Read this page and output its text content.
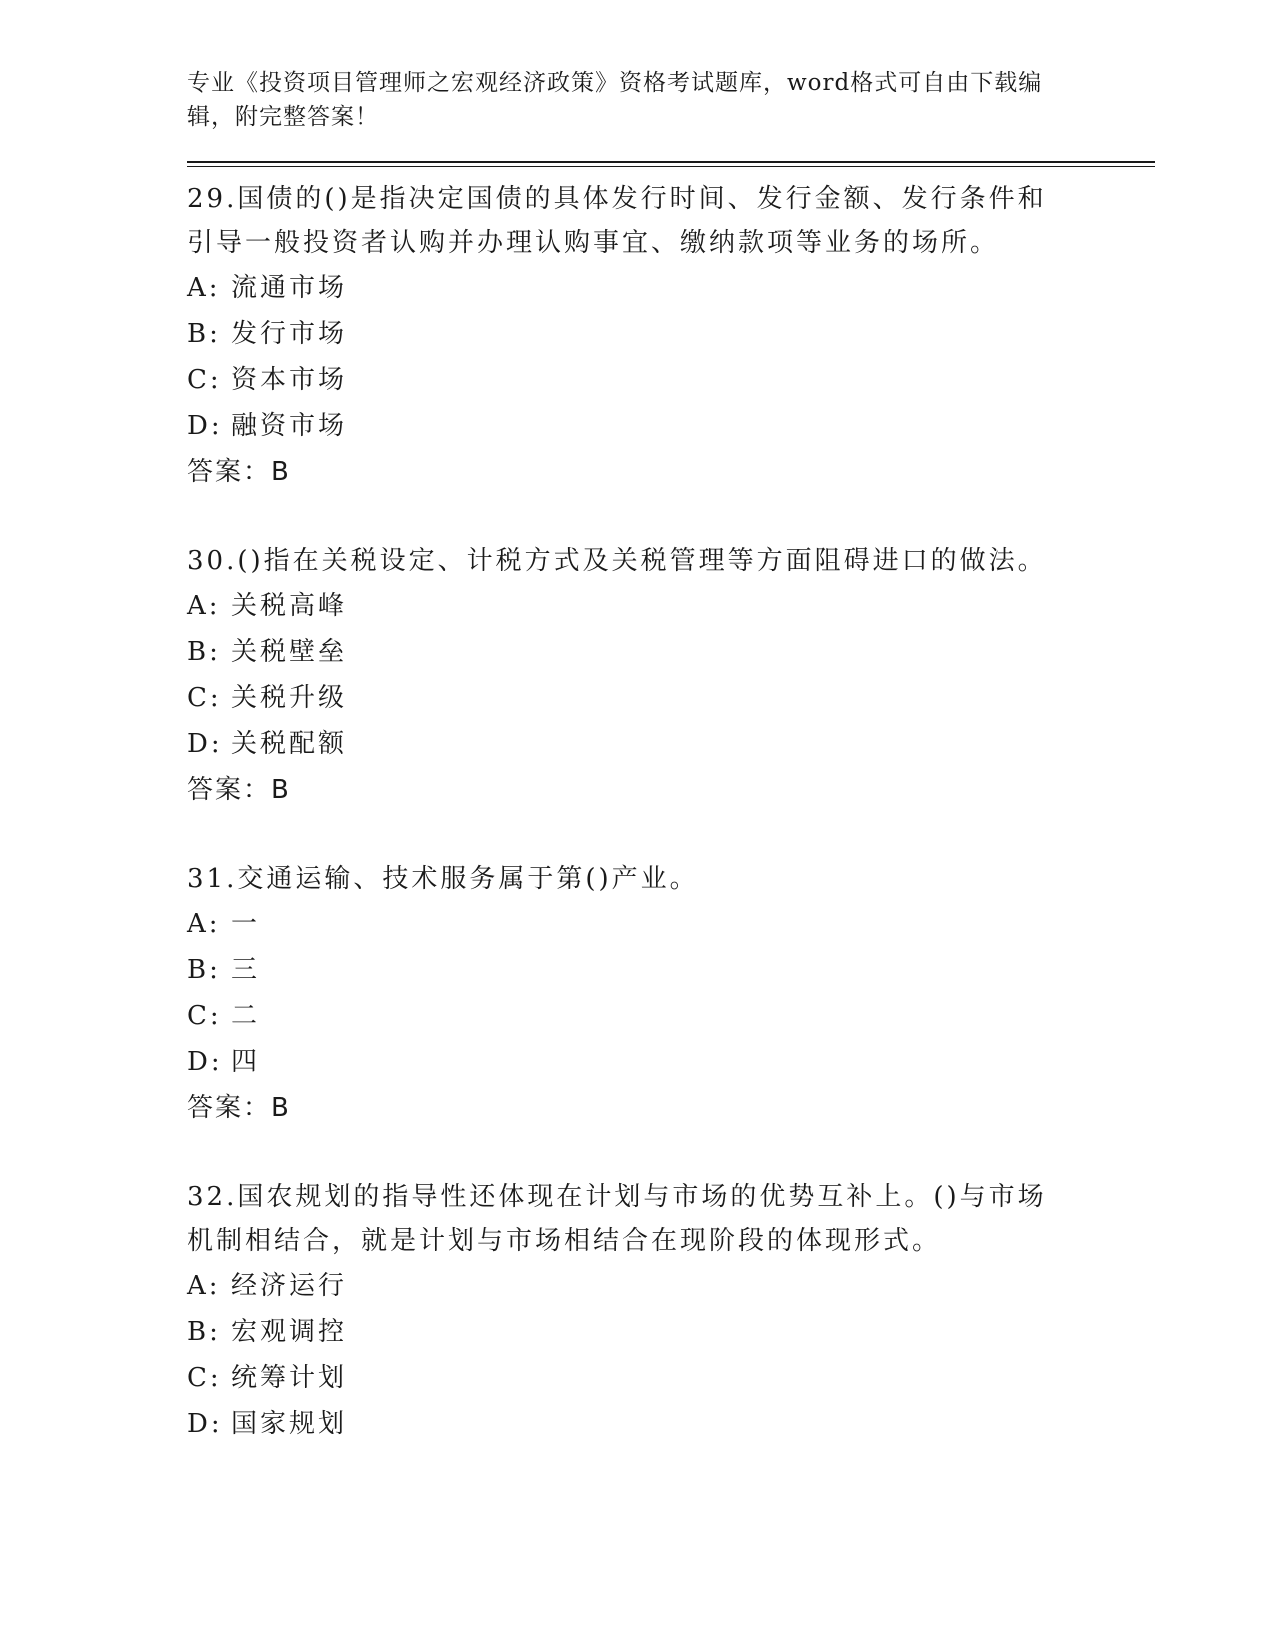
专业《投资项目管理师之宏观经济政策》资格考试题库，word格式可自由下载编辑，附完整答案！

29.国债的()是指决定国债的具体发行时间、发行金额、发行条件和引导一般投资者认购并办理认购事宜、缴纳款项等业务的场所。

A: 流通市场

B: 发行市场

C: 资本市场

D: 融资市场

答案：B

30.()指在关税设定、计税方式及关税管理等方面阻碍进口的做法。

A: 关税高峰

B: 关税壁垒

C: 关税升级

D: 关税配额

答案：B

31.交通运输、技术服务属于第()产业。

A: 一

B: 三

C: 二

D: 四

答案：B

32.国农规划的指导性还体现在计划与市场的优势互补上。()与市场机制相结合，就是计划与市场相结合在现阶段的体现形式。

A: 经济运行

B: 宏观调控

C: 统筹计划

D: 国家规划
